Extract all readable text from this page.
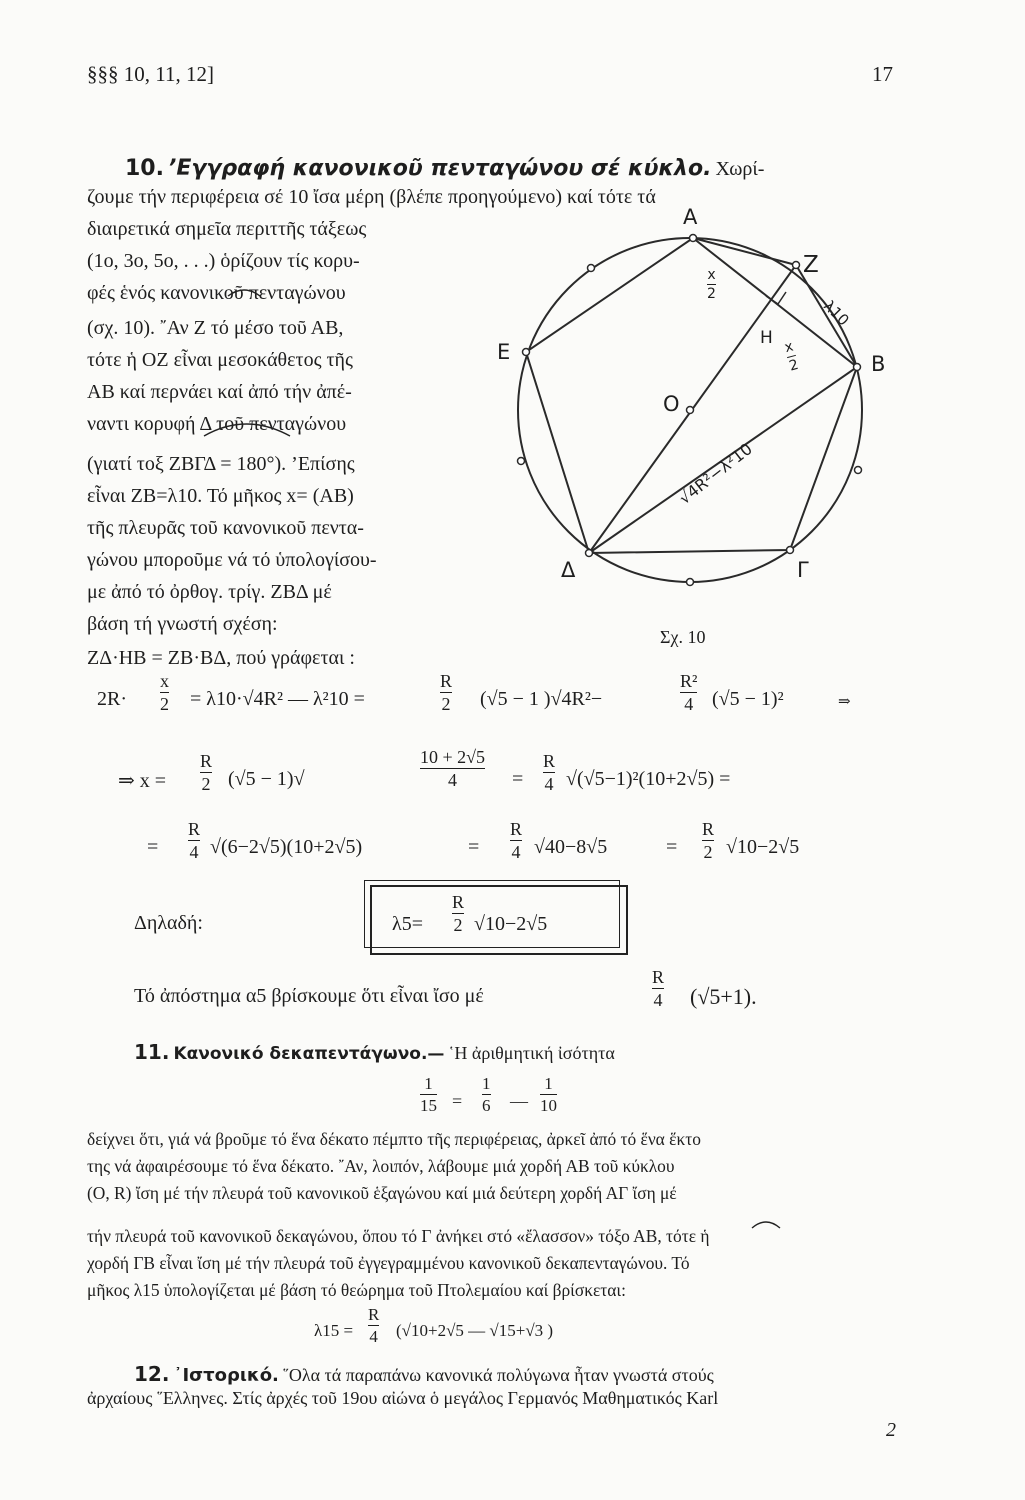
§§§ 10, 11, 12]	17
10. ’Εγγραφή κανονικοῦ πενταγώνου σέ κύκλο. Χωρί-
ζουμε τήν περιφέρεια σέ 10 ἴσα μέρη (βλέπε προηγούμενο) καί τότε τά
διαιρετικά σημεῖα περιττῆς τάξεως
(1ο, 3ο, 5ο, . . .) ὁρίζουν τίς κορυ-
φές ἑνός κανονικοῦ πενταγώνου
(σχ. 10). ῎Αν Ζ τό μέσο τοῦ ΑΒ,
τότε ἡ ΟΖ εἶναι μεσοκάθετος τῆς
ΑΒ καί περνάει καί ἀπό τήν ἀπέ-
ναντι κορυφή Δ τοῦ πενταγώνου
(γιατί τοξ ΖΒΓΔ = 180°). ’Επίσης
εἶναι ΖΒ=λ10. Τό μῆκος x= (ΑΒ)
τῆς πλευρᾶς τοῦ κανονικοῦ πεντα-
γώνου μποροῦμε νά τό ὑπολογίσου-
με ἀπό τό ὀρθογ. τρίγ. ΖΒΔ μέ
βάση τή γνωστή σχέση:
ΖΔ·ΗΒ = ΖΒ·ΒΔ, πού γράφεται :
A
Z
E	B
O
H
Δ	Γ
$\frac{x}{2}$
$\frac{x}{2}$
λ10
√4R²−λ²10
Σχ. 10
$2R\cdot \frac{x}{2} = \lambda 10\cdot√4R^2$ — λ²10 =	$\frac{R}{2} (√5 - 1$ )√4R²−	$\frac{\text{R²}}{4} (√5 - 1)^2$	⇒
⇒ $x = \frac{R}{2} (√5 - 1)√$	$\frac{10 + 2√5}{4} = \frac{R}{4} √(√5-1)^2(10+2√5)$ =
= $\frac{R}{4} √(6-2√5)(10+2√5)$	= $\frac{R}{4} √40-8√5$	= $\frac{R}{2} √10-2√5$
Δηλαδή:	$\lambda 5= \frac{R}{2} √10-2√5$
Τό ἀπόστημα α5 βρίσκουμε ὅτι εἶναι ἴσο μέ	$\frac{R}{4} (√5+1)$.
11. Κανονικό δεκαπεντάγωνο.— ῾Η ἀριθμητική ἰσότητα
$\frac{1}{15} = \frac{1}{6}$ — $\frac{1}{10}$
δείχνει ὅτι, γιά νά βροῦμε τό ἕνα δέκατο πέμπτο τῆς περιφέρειας, ἀρκεῖ ἀπό τό ἕνα ἕκτο
της νά ἀφαιρέσουμε τό ἕνα δέκατο. ῎Αν, λοιπόν, λάβουμε μιά χορδή ΑΒ τοῦ κύκλου
(Ο, R) ἴση μέ τήν πλευρά τοῦ κανονικοῦ ἑξαγώνου καί μιά δεύτερη χορδή ΑΓ ἴση μέ
τήν πλευρά τοῦ κανονικοῦ δεκαγώνου, ὅπου τό Γ ἀνήκει στό «ἔλασσον» τόξο ΑΒ, τότε ἡ
χορδή ΓΒ εἶναι ἴση μέ τήν πλευρά τοῦ ἐγγεγραμμένου κανονικοῦ δεκαπενταγώνου. Τό
μῆκος λ15 ὑπολογίζεται μέ βάση τό θεώρημα τοῦ Πτολεμαίου καί βρίσκεται:
$\lambda 15 = \frac{R}{4} (√10+2√5$ — √15+√3 )
12. ᾽Ιστορικό. ῞Ολα τά παραπάνω κανονικά πολύγωνα ἦταν γνωστά στούς
ἀρχαίους ῞Ελληνες. Στίς ἀρχές τοῦ 19ου αἰώνα ὁ μεγάλος Γερμανός Μαθηματικός Karl
2
